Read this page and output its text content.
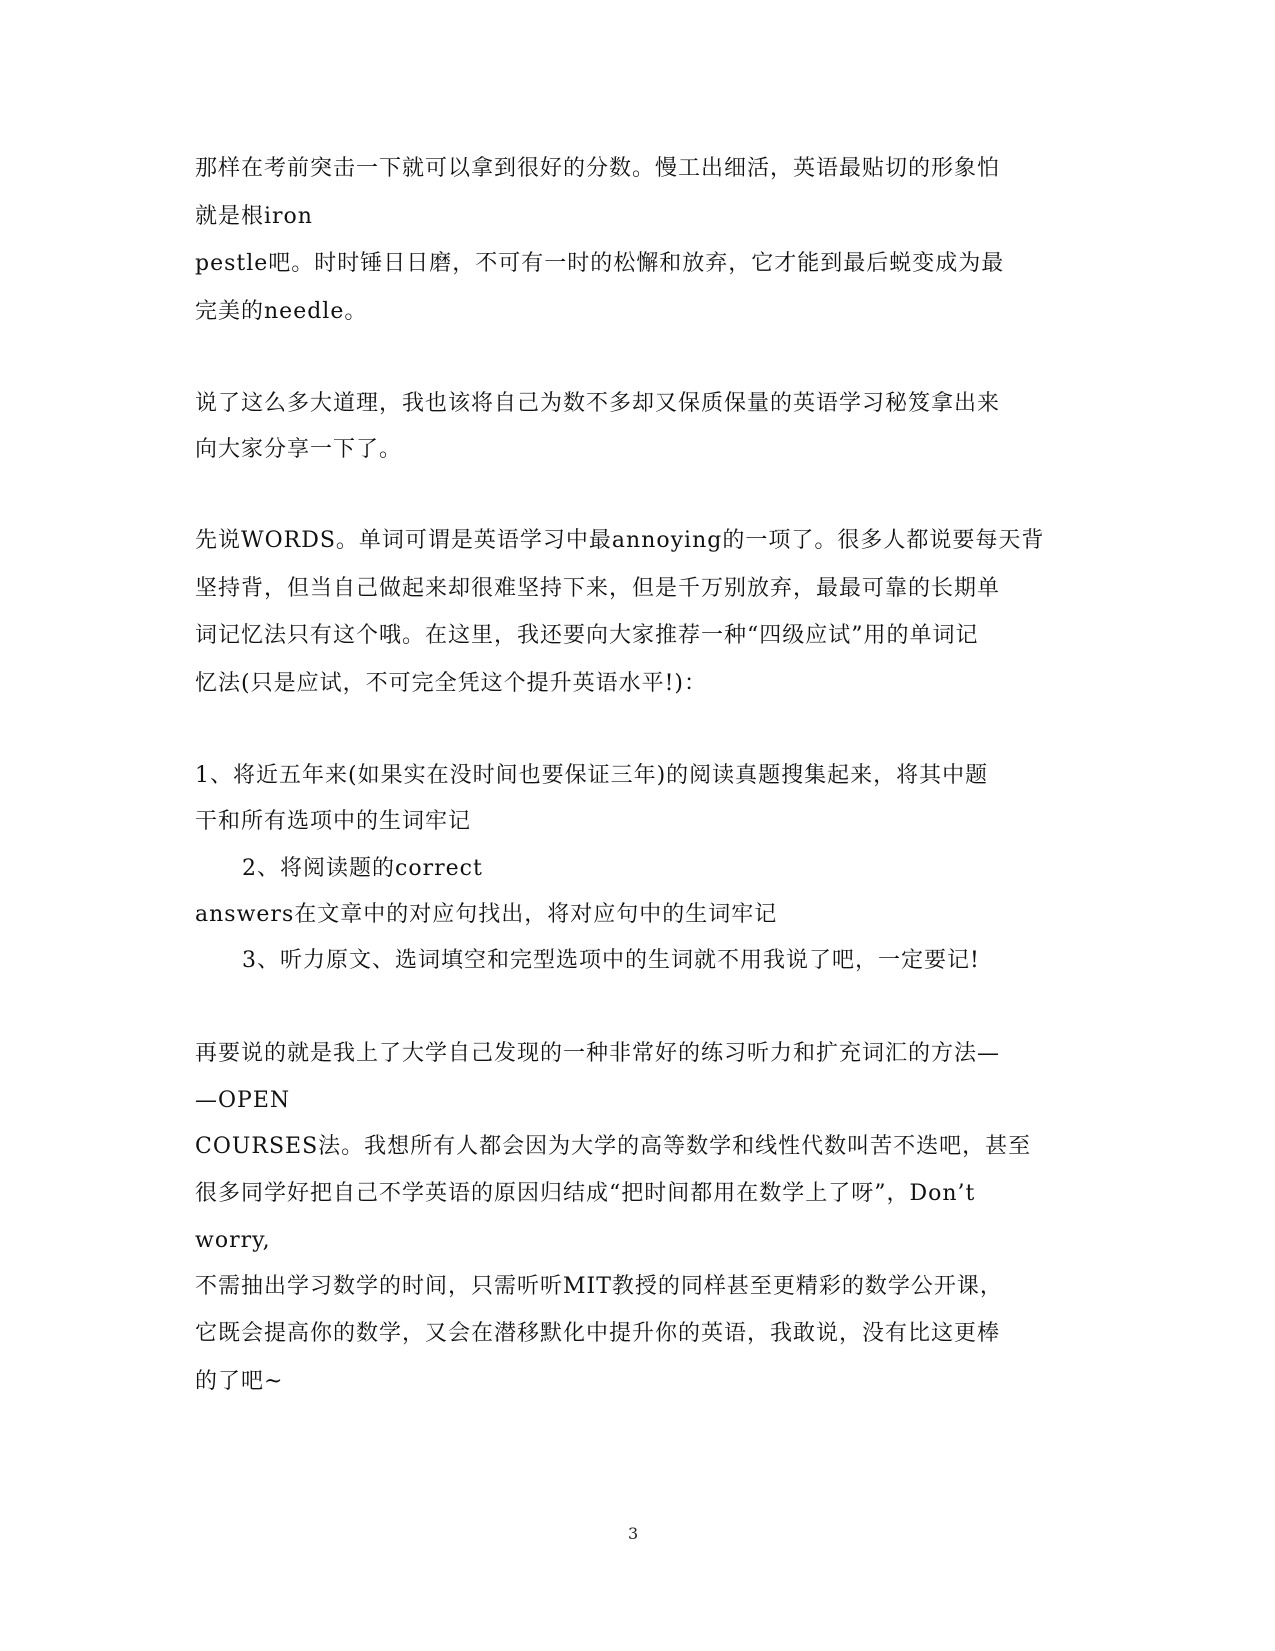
那样在考前突击一下就可以拿到很好的分数。慢工出细活，英语最贴切的形象怕
就是根iron
pestle吧。时时锤日日磨，不可有一时的松懈和放弃，它才能到最后蜕变成为最
完美的needle。
说了这么多大道理，我也该将自己为数不多却又保质保量的英语学习秘笈拿出来
向大家分享一下了。
先说WORDS。单词可谓是英语学习中最annoying的一项了。很多人都说要每天背
坚持背，但当自己做起来却很难坚持下来，但是千万别放弃，最最可靠的长期单
词记忆法只有这个哦。在这里，我还要向大家推荐一种“四级应试”用的单词记
忆法(只是应试，不可完全凭这个提升英语水平!)：
1、将近五年来(如果实在没时间也要保证三年)的阅读真题搜集起来，将其中题
干和所有选项中的生词牢记
2、将阅读题的correct
answers在文章中的对应句找出，将对应句中的生词牢记
3、听力原文、选词填空和完型选项中的生词就不用我说了吧，一定要记!
再要说的就是我上了大学自己发现的一种非常好的练习听力和扩充词汇的方法—
—OPEN
COURSES法。我想所有人都会因为大学的高等数学和线性代数叫苦不迭吧，甚至
很多同学好把自己不学英语的原因归结成“把时间都用在数学上了呀”，Don’t
worry,
不需抽出学习数学的时间，只需听听MIT教授的同样甚至更精彩的数学公开课，
它既会提高你的数学，又会在潜移默化中提升你的英语，我敢说，没有比这更棒
的了吧~
3
